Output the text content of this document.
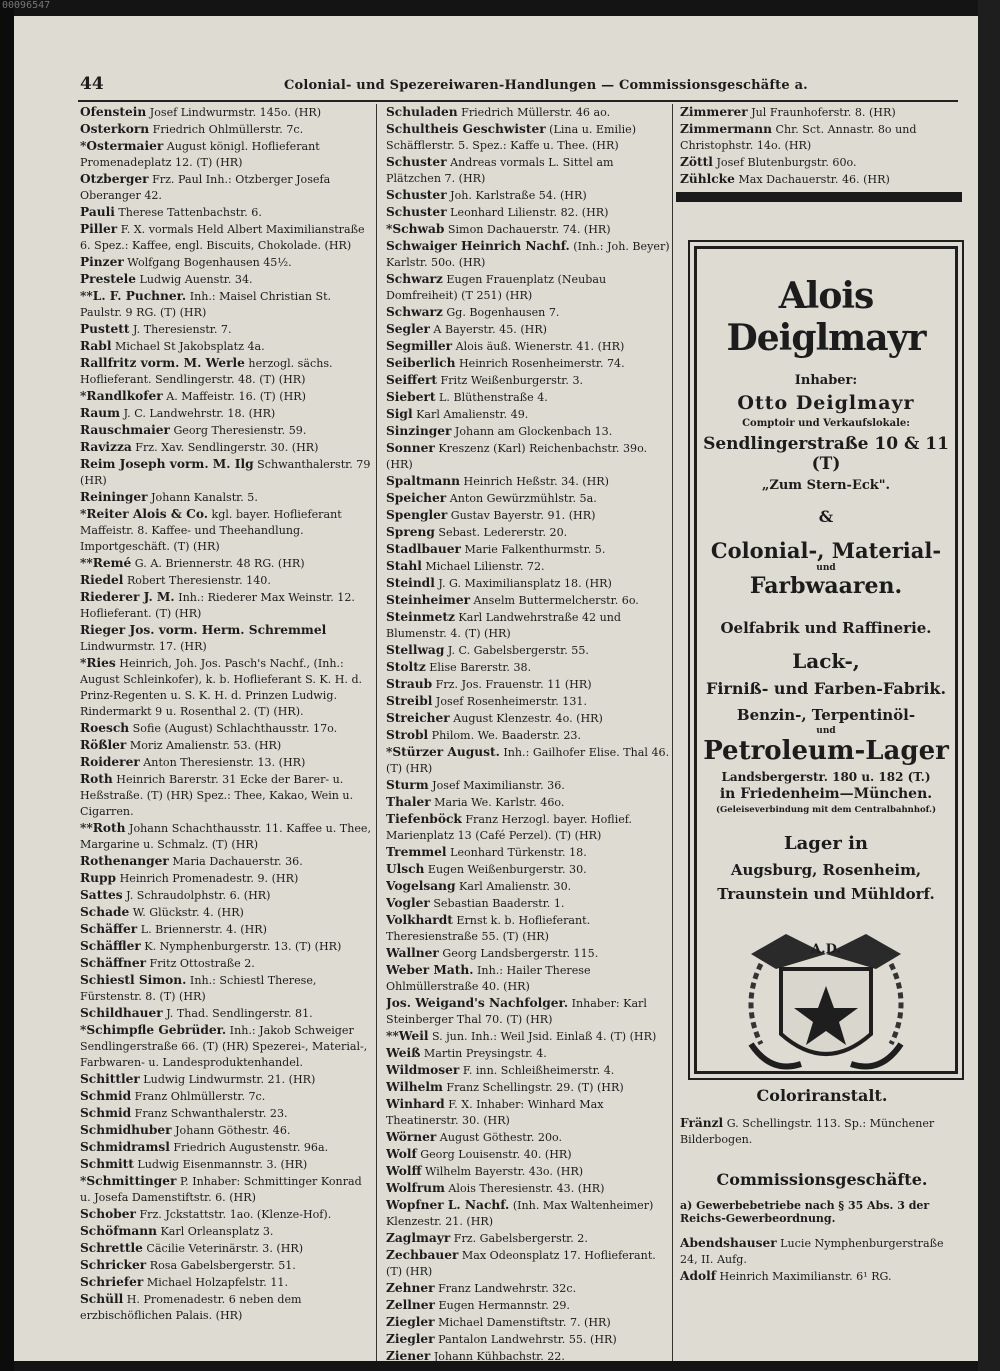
00096547
44	Colonial- und Spezereiwaren-Handlungen — Commissionsgeschäfte a.
Ofenstein Josef Lindwurmstr. 145o. (HR)
Osterkorn Friedrich Ohlmüllerstr. 7c.
*Ostermaier August königl. Hoflieferant Promenadeplatz 12. (T) (HR)
Otzberger Frz. Paul Inh.: Otzberger Josefa Oberanger 42.
Pauli Therese Tattenbachstr. 6.
Piller F. X. vormals Held Albert Maximilianstraße 6. Spez.: Kaffee, engl. Biscuits, Chokolade. (HR)
Pinzer Wolfgang Bogenhausen 45½.
Prestele Ludwig Auenstr. 34.
**L. F. Puchner. Inh.: Maisel Christian St. Paulstr. 9 RG. (T) (HR)
Pustett J. Theresienstr. 7.
Rabl Michael St Jakobsplatz 4a.
Rallfritz vorm. M. Werle herzogl. sächs. Hoflieferant. Sendlingerstr. 48. (T) (HR)
*Randlkofer A. Maffeistr. 16. (T) (HR)
Raum J. C. Landwehrstr. 18. (HR)
Rauschmaier Georg Theresienstr. 59.
Ravizza Frz. Xav. Sendlingerstr. 30. (HR)
Reim Joseph vorm. M. Ilg Schwanthalerstr. 79 (HR)
Reininger Johann Kanalstr. 5.
*Reiter Alois & Co. kgl. bayer. Hoflieferant Maffeistr. 8. Kaffee- und Theehandlung. Importgeschäft. (T) (HR)
**Remé G. A. Briennerstr. 48 RG. (HR)
Riedel Robert Theresienstr. 140.
Riederer J. M. Inh.: Riederer Max Weinstr. 12. Hoflieferant. (T) (HR)
Rieger Jos. vorm. Herm. Schremmel Lindwurmstr. 17. (HR)
*Ries Heinrich, Joh. Jos. Pasch's Nachf., (Inh.: August Schleinkofer), k. b. Hoflieferant S. K. H. d. Prinz-Regenten u. S. K. H. d. Prinzen Ludwig. Rindermarkt 9 u. Rosenthal 2. (T) (HR).
Roesch Sofie (August) Schlachthausstr. 17o.
Rößler Moriz Amalienstr. 53. (HR)
Roiderer Anton Theresienstr. 13. (HR)
Roth Heinrich Barerstr. 31 Ecke der Barer- u. Heßstraße. (T) (HR) Spez.: Thee, Kakao, Wein u. Cigarren.
**Roth Johann Schachthausstr. 11. Kaffee u. Thee, Margarine u. Schmalz. (T) (HR)
Rothenanger Maria Dachauerstr. 36.
Rupp Heinrich Promenadestr. 9. (HR)
Sattes J. Schraudolphstr. 6. (HR)
Schade W. Glückstr. 4. (HR)
Schäffer L. Briennerstr. 4. (HR)
Schäffler K. Nymphenburgerstr. 13. (T) (HR)
Schäffner Fritz Ottostraße 2.
Schiestl Simon. Inh.: Schiestl Therese, Fürstenstr. 8. (T) (HR)
Schildhauer J. Thad. Sendlingerstr. 81.
*Schimpfle Gebrüder. Inh.: Jakob Schweiger Sendlingerstraße 66. (T) (HR) Spezerei-, Material-, Farbwaren- u. Landesproduktenhandel.
Schittler Ludwig Lindwurmstr. 21. (HR)
Schmid Franz Ohlmüllerstr. 7c.
Schmid Franz Schwanthalerstr. 23.
Schmidhuber Johann Göthestr. 46.
Schmidramsl Friedrich Augustenstr. 96a.
Schmitt Ludwig Eisenmannstr. 3. (HR)
*Schmittinger P. Inhaber: Schmittinger Konrad u. Josefa Damenstiftstr. 6. (HR)
Schober Frz. Jckstattstr. 1ao. (Klenze-Hof).
Schöfmann Karl Orleansplatz 3.
Schrettle Cäcilie Veterinärstr. 3. (HR)
Schricker Rosa Gabelsbergerstr. 51.
Schriefer Michael Holzapfelstr. 11.
Schüll H. Promenadestr. 6 neben dem erzbischöflichen Palais. (HR)
Schuladen Friedrich Müllerstr. 46 ao.
Schultheis Geschwister (Lina u. Emilie) Schäfflerstr. 5. Spez.: Kaffe u. Thee. (HR)
Schuster Andreas vormals L. Sittel am Plätzchen 7. (HR)
Schuster Joh. Karlstraße 54. (HR)
Schuster Leonhard Lilienstr. 82. (HR)
*Schwab Simon Dachauerstr. 74. (HR)
Schwaiger Heinrich Nachf. (Inh.: Joh. Beyer) Karlstr. 50o. (HR)
Schwarz Eugen Frauenplatz (Neubau Domfreiheit) (T 251) (HR)
Schwarz Gg. Bogenhausen 7.
Segler A Bayerstr. 45. (HR)
Segmiller Alois äuß. Wienerstr. 41. (HR)
Seiberlich Heinrich Rosenheimerstr. 74.
Seiffert Fritz Weißenburgerstr. 3.
Siebert L. Blüthenstraße 4.
Sigl Karl Amalienstr. 49.
Sinzinger Johann am Glockenbach 13.
Sonner Kreszenz (Karl) Reichenbachstr. 39o. (HR)
Spaltmann Heinrich Heßstr. 34. (HR)
Speicher Anton Gewürzmühlstr. 5a.
Spengler Gustav Bayerstr. 91. (HR)
Spreng Sebast. Ledererstr. 20.
Stadlbauer Marie Falkenthurmstr. 5.
Stahl Michael Lilienstr. 72.
Steindl J. G. Maximiliansplatz 18. (HR)
Steinheimer Anselm Buttermelcherstr. 6o.
Steinmetz Karl Landwehrstraße 42 und Blumenstr. 4. (T) (HR)
Stellwag J. C. Gabelsbergerstr. 55.
Stoltz Elise Barerstr. 38.
Straub Frz. Jos. Frauenstr. 11 (HR)
Streibl Josef Rosenheimerstr. 131.
Streicher August Klenzestr. 4o. (HR)
Strobl Philom. We. Baaderstr. 23.
*Stürzer August. Inh.: Gailhofer Elise. Thal 46. (T) (HR)
Sturm Josef Maximilianstr. 36.
Thaler Maria We. Karlstr. 46o.
Tiefenböck Franz Herzogl. bayer. Hoflief. Marienplatz 13 (Café Perzel). (T) (HR)
Tremmel Leonhard Türkenstr. 18.
Ulsch Eugen Weißenburgerstr. 30.
Vogelsang Karl Amalienstr. 30.
Vogler Sebastian Baaderstr. 1.
Volkhardt Ernst k. b. Hoflieferant. Theresienstraße 55. (T) (HR)
Wallner Georg Landsbergerstr. 115.
Weber Math. Inh.: Hailer Therese Ohlmüllerstraße 40. (HR)
Jos. Weigand's Nachfolger. Inhaber: Karl Steinberger Thal 70. (T) (HR)
**Weil S. jun. Inh.: Weil Jsid. Einlaß 4. (T) (HR)
Weiß Martin Preysingstr. 4.
Wildmoser F. inn. Schleißheimerstr. 4.
Wilhelm Franz Schellingstr. 29. (T) (HR)
Winhard F. X. Inhaber: Winhard Max Theatinerstr. 30. (HR)
Wörner August Göthestr. 20o.
Wolf Georg Louisenstr. 40. (HR)
Wolff Wilhelm Bayerstr. 43o. (HR)
Wolfrum Alois Theresienstr. 43. (HR)
Wopfner L. Nachf. (Inh. Max Waltenheimer) Klenzestr. 21. (HR)
Zaglmayr Frz. Gabelsbergerstr. 2.
Zechbauer Max Odeonsplatz 17. Hoflieferant. (T) (HR)
Zehner Franz Landwehrstr. 32c.
Zellner Eugen Hermannstr. 29.
Ziegler Michael Damenstiftstr. 7. (HR)
Ziegler Pantalon Landwehrstr. 55. (HR)
Ziener Johann Kühbachstr. 22.
Zimmerer Jul Fraunhoferstr. 8. (HR)
Zimmermann Chr. Sct. Annastr. 8o und Christophstr. 14o. (HR)
Zöttl Josef Blutenburgstr. 60o.
Zühlcke Max Dachauerstr. 46. (HR)
Alois Deiglmayr
Inhaber:
Otto Deiglmayr
Comptoir und Verkaufslokale:
Sendlingerstraße 10 & 11 (T)
„Zum Stern-Eck".
&
Colonial-, Material-
und
Farbwaaren.
Oelfabrik und Raffinerie.
Lack-,
Firniß- und Farben-Fabrik.
Benzin-, Terpentinöl-
und
Petroleum-Lager
Landsbergerstr. 180 u. 182 (T.)
in Friedenheim—München.
(Geleiseverbindung mit dem Centralbahnhof.)
Lager in
Augsburg, Rosenheim, Traunstein und Mühldorf.
A.D.
Coloriranstalt.
Fränzl G. Schellingstr. 113. Sp.: Münchener Bilderbogen.
Commissionsgeschäfte.
a) Gewerbebetriebe nach § 35 Abs. 3 der Reichs-Gewerbeordnung.
Abendshauser Lucie Nymphenburgerstraße 24, II. Aufg.
Adolf Heinrich Maximilianstr. 6¹ RG.
